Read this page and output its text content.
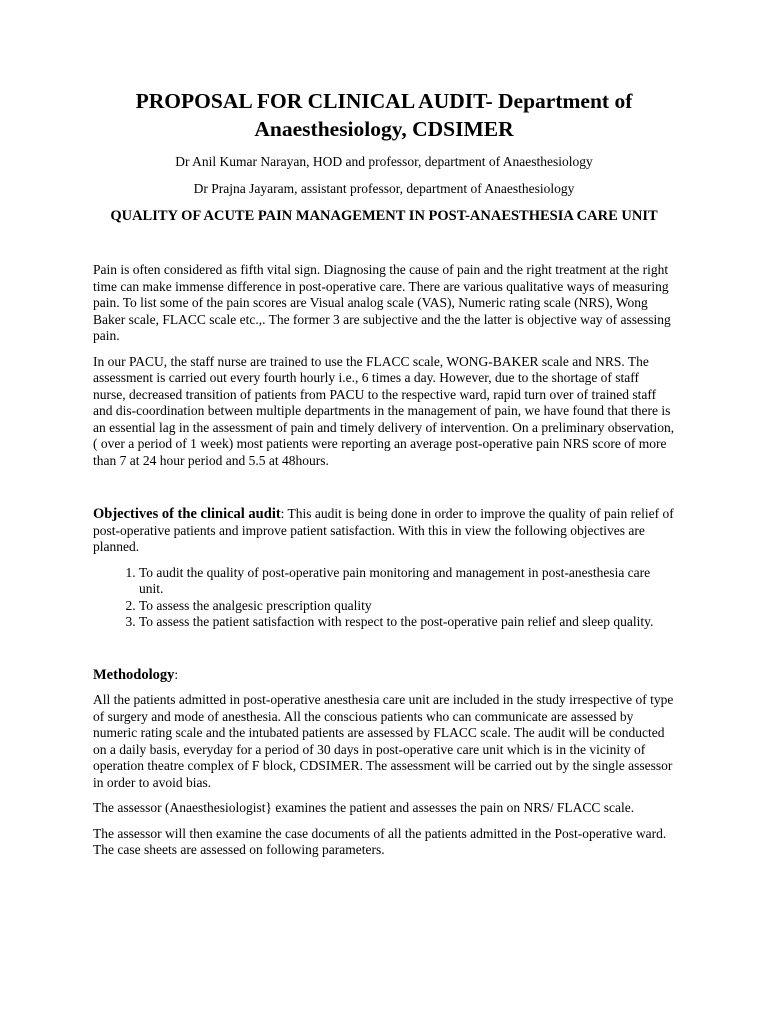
PROPOSAL FOR CLINICAL AUDIT- Department of Anaesthesiology, CDSIMER
Dr Anil Kumar Narayan, HOD and professor, department of Anaesthesiology
Dr Prajna Jayaram, assistant professor, department of Anaesthesiology
QUALITY OF ACUTE PAIN MANAGEMENT IN POST-ANAESTHESIA CARE UNIT

Pain is often considered as fifth vital sign. Diagnosing the cause of pain and the right treatment at the right time can make immense difference in post-operative care. There are various qualitative ways of measuring pain. To list some of the pain scores are Visual analog scale (VAS), Numeric rating scale (NRS), Wong Baker scale, FLACC scale etc.,. The former 3 are subjective and the the latter is objective way of assessing pain.

In our PACU, the staff nurse are trained to use the FLACC scale, WONG-BAKER scale and NRS. The assessment is carried out every fourth hourly i.e., 6 times a day. However, due to the shortage of staff nurse, decreased transition of patients from PACU to the respective ward, rapid turn over of trained staff and dis-coordination between multiple departments in the management of pain, we have found that there is an essential lag in the assessment of pain and timely delivery of intervention. On a preliminary observation, ( over a period of 1 week) most patients were reporting an average post-operative pain NRS score of more than 7 at 24 hour period and 5.5 at 48hours.

Objectives of the clinical audit: This audit is being done in order to improve the quality of pain relief of post-operative patients and improve patient satisfaction. With this in view the following objectives are planned.

1. To audit the quality of post-operative pain monitoring and management in post-anesthesia care unit.
2. To assess the analgesic prescription quality
3. To assess the patient satisfaction with respect to the post-operative pain relief and sleep quality.

Methodology:

All the patients admitted in post-operative anesthesia care unit are included in the study irrespective of type of surgery and mode of anesthesia. All the conscious patients who can communicate are assessed by numeric rating scale and the intubated patients are assessed by FLACC scale. The audit will be conducted on a daily basis, everyday for a period of 30 days in post-operative care unit which is in the vicinity of operation theatre complex of F block, CDSIMER. The assessment will be carried out by the single assessor in order to avoid bias.

The assessor (Anaesthesiologist} examines the patient and assesses the pain on NRS/ FLACC scale.

The assessor will then examine the case documents of all the patients admitted in the Post-operative ward. The case sheets are assessed on following parameters.
